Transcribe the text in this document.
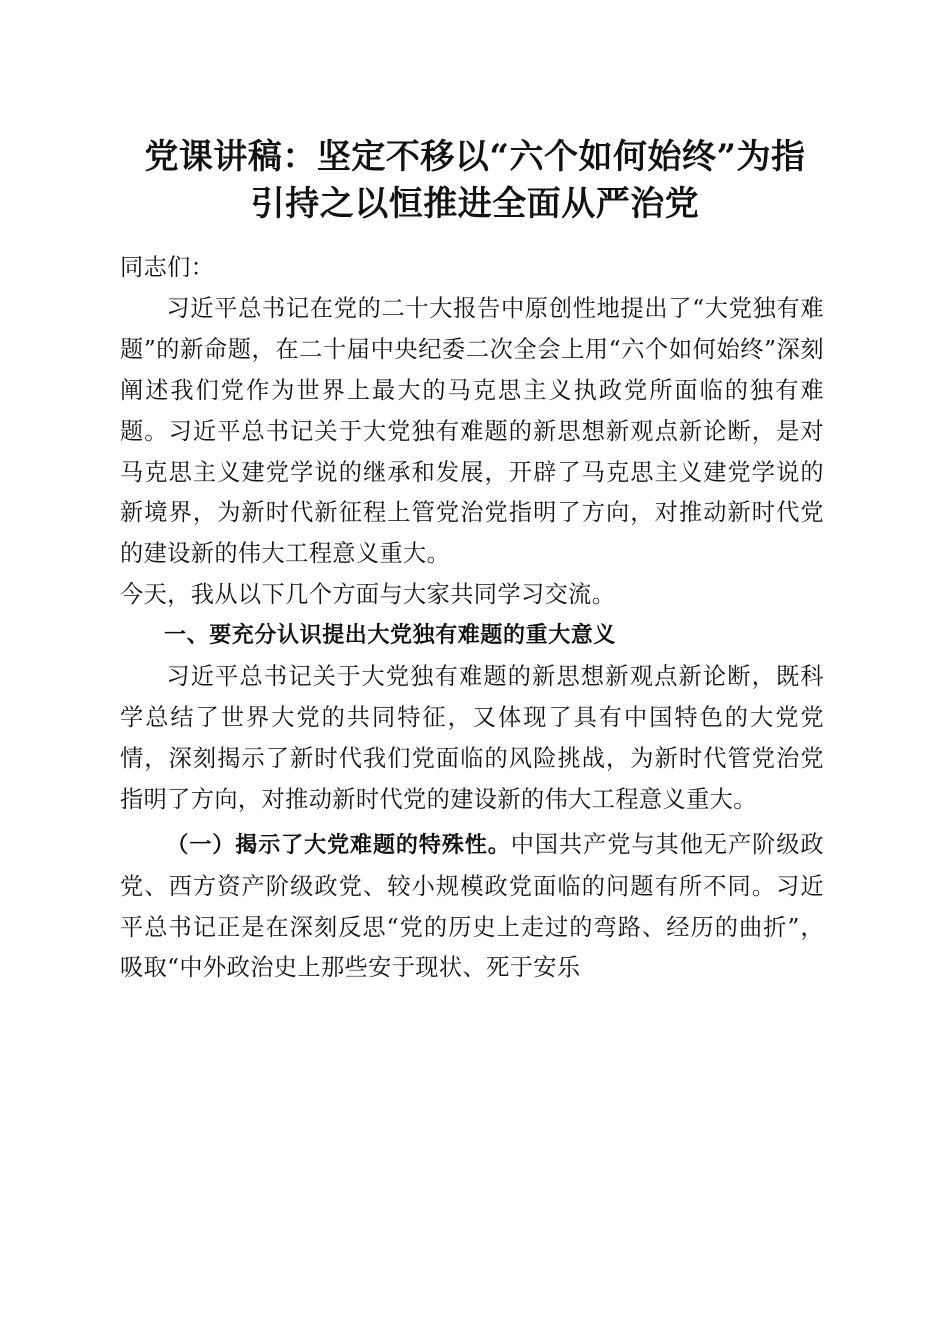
党课讲稿：坚定不移以“六个如何始终”为指
引持之以恒推进全面从严治党

同志们：

习近平总书记在党的二十大报告中原创性地提出了“大党独有难题”的新命题，在二十届中央纪委二次全会上用“六个如何始终”深刻阐述我们党作为世界上最大的马克思主义执政党所面临的独有难题。习近平总书记关于大党独有难题的新思想新观点新论断，是对马克思主义建党学说的继承和发展，开辟了马克思主义建党学说的新境界，为新时代新征程上管党治党指明了方向，对推动新时代党的建设新的伟大工程意义重大。

今天，我从以下几个方面与大家共同学习交流。

一、要充分认识提出大党独有难题的重大意义

习近平总书记关于大党独有难题的新思想新观点新论断，既科学总结了世界大党的共同特征，又体现了具有中国特色的大党党情，深刻揭示了新时代我们党面临的风险挑战，为新时代管党治党指明了方向，对推动新时代党的建设新的伟大工程意义重大。

（一）揭示了大党难题的特殊性。中国共产党与其他无产阶级政党、西方资产阶级政党、较小规模政党面临的问题有所不同。习近平总书记正是在深刻反思“党的历史上走过的弯路、经历的曲折”，吸取“中外政治史上那些安于现状、死于安乐
